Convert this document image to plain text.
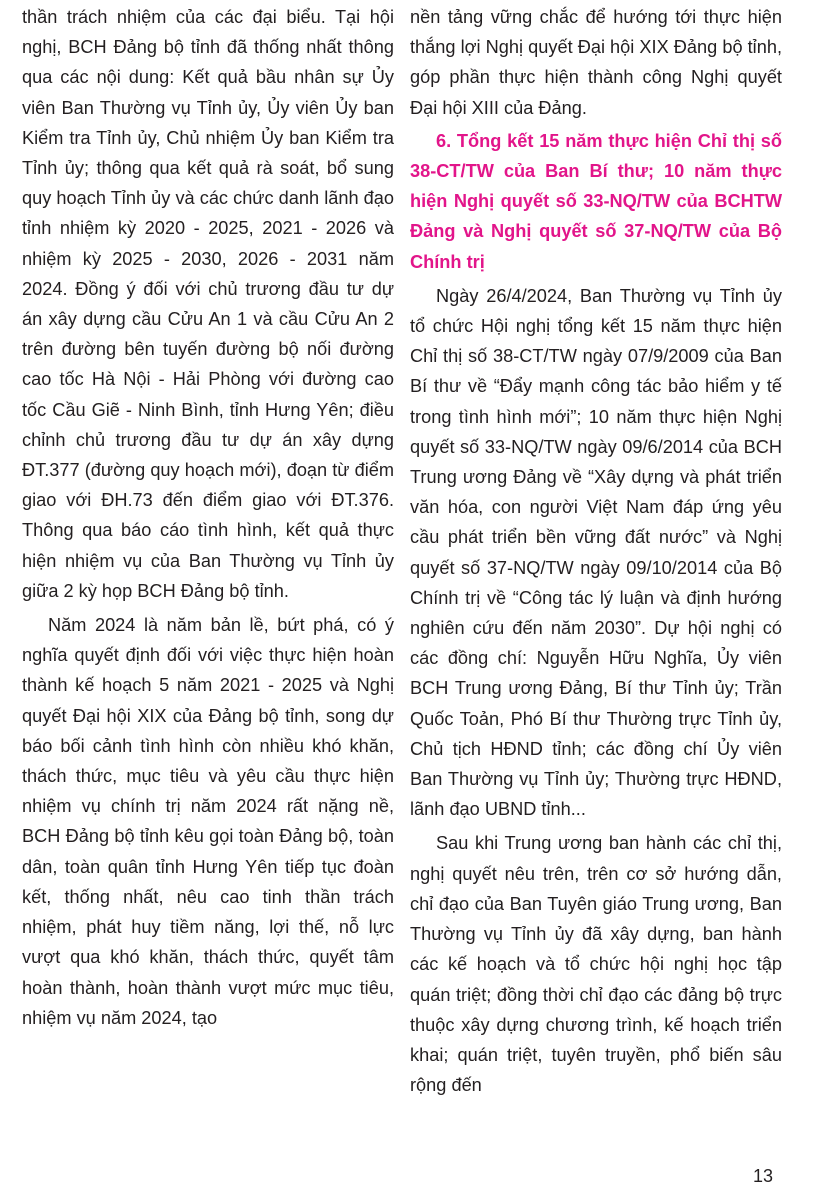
thần trách nhiệm của các đại biểu. Tại hội nghị, BCH Đảng bộ tỉnh đã thống nhất thông qua các nội dung: Kết quả bầu nhân sự Ủy viên Ban Thường vụ Tỉnh ủy, Ủy viên Ủy ban Kiểm tra Tỉnh ủy, Chủ nhiệm Ủy ban Kiểm tra Tỉnh ủy; thông qua kết quả rà soát, bổ sung quy hoạch Tỉnh ủy và các chức danh lãnh đạo tỉnh nhiệm kỳ 2020 - 2025, 2021 - 2026 và nhiệm kỳ 2025 - 2030, 2026 - 2031 năm 2024. Đồng ý đối với chủ trương đầu tư dự án xây dựng cầu Cửu An 1 và cầu Cửu An 2 trên đường bên tuyến đường bộ nối đường cao tốc Hà Nội - Hải Phòng với đường cao tốc Cầu Giẽ - Ninh Bình, tỉnh Hưng Yên; điều chỉnh chủ trương đầu tư dự án xây dựng ĐT.377 (đường quy hoạch mới), đoạn từ điểm giao với ĐH.73 đến điểm giao với ĐT.376. Thông qua báo cáo tình hình, kết quả thực hiện nhiệm vụ của Ban Thường vụ Tỉnh ủy giữa 2 kỳ họp BCH Đảng bộ tỉnh.

Năm 2024 là năm bản lề, bứt phá, có ý nghĩa quyết định đối với việc thực hiện hoàn thành kế hoạch 5 năm 2021 - 2025 và Nghị quyết Đại hội XIX của Đảng bộ tỉnh, song dự báo bối cảnh tình hình còn nhiều khó khăn, thách thức, mục tiêu và yêu cầu thực hiện nhiệm vụ chính trị năm 2024 rất nặng nề, BCH Đảng bộ tỉnh kêu gọi toàn Đảng bộ, toàn dân, toàn quân tỉnh Hưng Yên tiếp tục đoàn kết, thống nhất, nêu cao tinh thần trách nhiệm, phát huy tiềm năng, lợi thế, nỗ lực vượt qua khó khăn, thách thức, quyết tâm hoàn thành, hoàn thành vượt mức mục tiêu, nhiệm vụ năm 2024, tạo

nền tảng vững chắc để hướng tới thực hiện thắng lợi Nghị quyết Đại hội XIX Đảng bộ tỉnh, góp phần thực hiện thành công Nghị quyết Đại hội XIII của Đảng.

6. Tổng kết 15 năm thực hiện Chỉ thị số 38-CT/TW của Ban Bí thư; 10 năm thực hiện Nghị quyết số 33-NQ/TW của BCHTW Đảng và Nghị quyết số 37-NQ/TW của Bộ Chính trị

Ngày 26/4/2024, Ban Thường vụ Tỉnh ủy tổ chức Hội nghị tổng kết 15 năm thực hiện Chỉ thị số 38-CT/TW ngày 07/9/2009 của Ban Bí thư về “Đẩy mạnh công tác bảo hiểm y tế trong tình hình mới”; 10 năm thực hiện Nghị quyết số 33-NQ/TW ngày 09/6/2014 của BCH Trung ương Đảng về “Xây dựng và phát triển văn hóa, con người Việt Nam đáp ứng yêu cầu phát triển bền vững đất nước” và Nghị quyết số 37-NQ/TW ngày 09/10/2014 của Bộ Chính trị về “Công tác lý luận và định hướng nghiên cứu đến năm 2030”. Dự hội nghị có các đồng chí: Nguyễn Hữu Nghĩa, Ủy viên BCH Trung ương Đảng, Bí thư Tỉnh ủy; Trần Quốc Toản, Phó Bí thư Thường trực Tỉnh ủy, Chủ tịch HĐND tỉnh; các đồng chí Ủy viên Ban Thường vụ Tỉnh ủy; Thường trực HĐND, lãnh đạo UBND tỉnh...

Sau khi Trung ương ban hành các chỉ thị, nghị quyết nêu trên, trên cơ sở hướng dẫn, chỉ đạo của Ban Tuyên giáo Trung ương, Ban Thường vụ Tỉnh ủy đã xây dựng, ban hành các kế hoạch và tổ chức hội nghị học tập quán triệt; đồng thời chỉ đạo các đảng bộ trực thuộc xây dựng chương trình, kế hoạch triển khai; quán triệt, tuyên truyền, phổ biến sâu rộng đến

13
